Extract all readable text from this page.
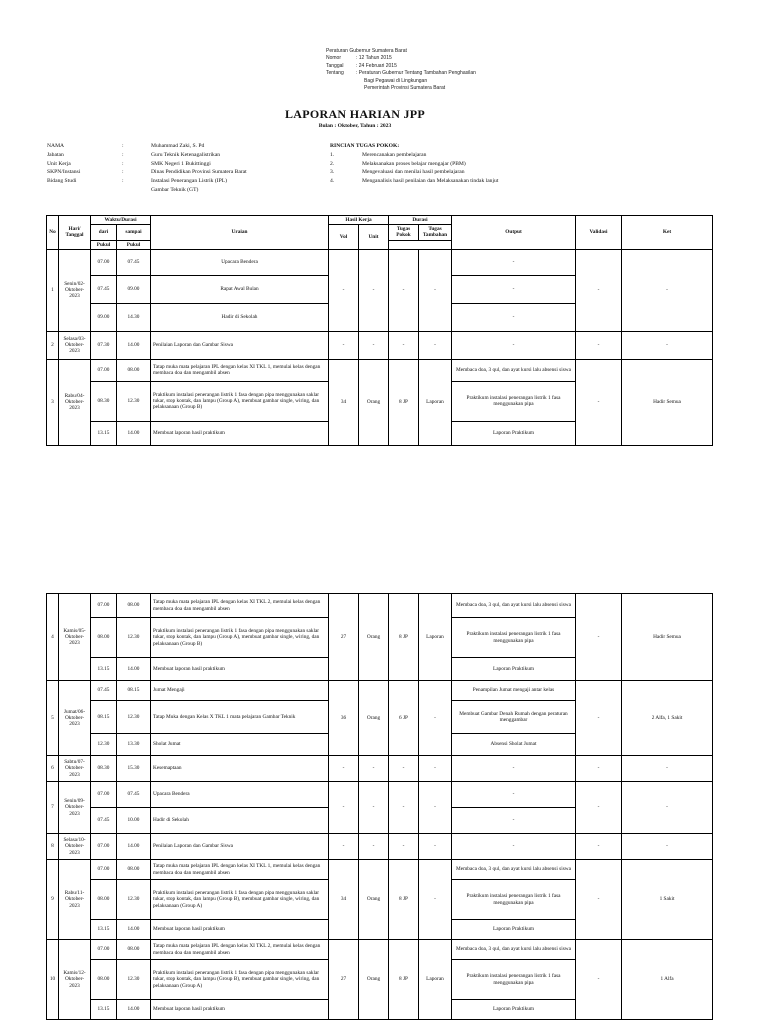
Peraturan Gubernur Sumatera Barat
Nomor	: 12 Tahun 2015
Tanggal	: 24 Februari 2015
Tentang	: Peraturan Gubernur Tentang Tambahan Penghasilan
Bagi Pegawai di Lingkungan
Pemerintah Provinsi Sumatera Barat
LAPORAN HARIAN JPP
Bulan : Oktober, Tahun : 2023
NAMA	:	Muhammad Zaki, S. Pd
Jabatan	:	Guru Teknik Ketenagalistrikan
Unit Kerja	:	SMK Negeri 1 Bukittinggi
SKPN/Instansi	:	Dinas Pendidikan Provinsi Sumatera Barat
Bidang Studi	:	Instalasi Penerangan Listrik (IPL)
Gambar Teknik (GT)
RINCIAN TUGAS POKOK:
1.	Merencanakan pembelajaran
2.	Melaksanakan proses belajar mengajar (PBM)
3.	Mengevaluasi dan menilai hasil pembelajaran
4.	Menganalisis hasil penilaian dan Melaksanakan tindak lanjut
No	Hari/ Tanggal	Waktu/Durasi		Uraian	Hasil Kerja		Durasi		Output	Validasi	Ket
		dari	sampai		Vol	Unit	Tugas Pokok	Tugas Tambahan			
		Pukul	Pukul								
1	Senin/02-Oktober-2023	07.00	07.45	Upacara Bendera	-	-	-	-	-	-	-
		07.45	09.00	Rapat Awal Bulan					-		
		09.00	14.30	Hadir di Sekolah					-		
2	Selasa/03-Oktober-2023	07.30	14.00	Penilaian Laporan dan Gambar Siswa	-	-	-	-	-	-	-
3	Rabu/04-Oktober-2023	07.00	08.00	Tatap muka mata pelajaran IPL dengan kelas XI TKL 1, memulai kelas dengan membaca doa dan mengambil absen	34	Orang	8 JP	Laporan	Membaca doa, 3 qul, dan ayat kursi lalu absensi siswa	-	Hadir Semua
		08.30	12.30	Praktikum instalasi penerangan listrik 1 fasa dengan pipa menggunakan saklar tukar, stop kontak, dan lampu (Group A), membuat gambar single, wiring, dan pelaksanaan (Group B)					Praktikum instalasi penerangan listrik 1 fasa menggunakan pipa		
		13.15	14.00	Membuat laporan hasil praktikum					Laporan Praktikum		
4	Kamis/05-Oktober-2023	07.00	08.00	Tatap muka mata pelajaran IPL dengan kelas XI TKL 2, memulai kelas dengan membaca doa dan mengambil absen	27	Orang	8 JP	Laporan	Membaca doa, 3 qul, dan ayat kursi lalu absensi siswa	-	Hadir Semua
		08.00	12.30	Praktikum instalasi penerangan listrik 1 fasa dengan pipa menggunakan saklar tukar, stop kontak, dan lampu (Group A), membuat gambar single, wiring, dan pelaksanaan (Group B)					Praktikum instalasi penerangan listrik 1 fasa menggunakan pipa		
		13.15	14.00	Membuat laporan hasil praktikum					Laporan Praktikum		
5	Jumat/06-Oktober-2023	07.45	08.15	Jumat Mengaji	36	Orang	6 JP	-	Penampilan Jumat mengaji antar kelas	-	2 Alfa, 1 Sakit
		08.15	12.30	Tatap Muka dengan Kelas X TKL 1 mata pelajaran Gambar Teknik					Membuat Gambar Denah Rumah dengan peraturan menggambar		
		12.30	13.30	Sholat Jumat					Absensi Sholat Jumat		
6	Sabtu/07-Oktober-2023	08.30	15.30	Kesemaptaan	-	-	-	-	-	-	-
7	Senin/09-Oktober-2023	07.00	07.45	Upacara Bendera	-	-	-	-	-	-	-
		07.45	10.00	Hadir di Sekolah					-		
8	Selasa/10-Oktober-2023	07.00	14.00	Penilaian Laporan dan Gambar Siswa	-	-	-	-	-	-	-
9	Rabu/11-Oktober-2023	07.00	08.00	Tatap muka mata pelajaran IPL dengan kelas XI TKL 1, memulai kelas dengan membaca doa dan mengambil absen	34	Orang	8 JP	-	Membaca doa, 3 qul, dan ayat kursi lalu absensi siswa	-	1 Sakit
		08.00	12.30	Praktikum instalasi penerangan listrik 1 fasa dengan pipa menggunakan saklar tukar, stop kontak, dan lampu (Group B), membuat gambar single, wiring, dan pelaksanaan (Group A)					Praktikum instalasi penerangan listrik 1 fasa menggunakan pipa		
		13.15	14.00	Membuat laporan hasil praktikum					Laporan Praktikum		
10	Kamis/12-Oktober-2023	07.00	08.00	Tatap muka mata pelajaran IPL dengan kelas XI TKL 2, memulai kelas dengan membaca doa dan mengambil absen	27	Orang	8 JP	Laporan	Membaca doa, 3 qul, dan ayat kursi lalu absensi siswa	-	1 Alfa
		08.00	12.30	Praktikum instalasi penerangan listrik 1 fasa dengan pipa menggunakan saklar tukar, stop kontak, dan lampu (Group B), membuat gambar single, wiring, dan pelaksanaan (Group A)					Praktikum instalasi penerangan listrik 1 fasa menggunakan pipa		
		13.15	14.00	Membuat laporan hasil praktikum					Laporan Praktikum		
